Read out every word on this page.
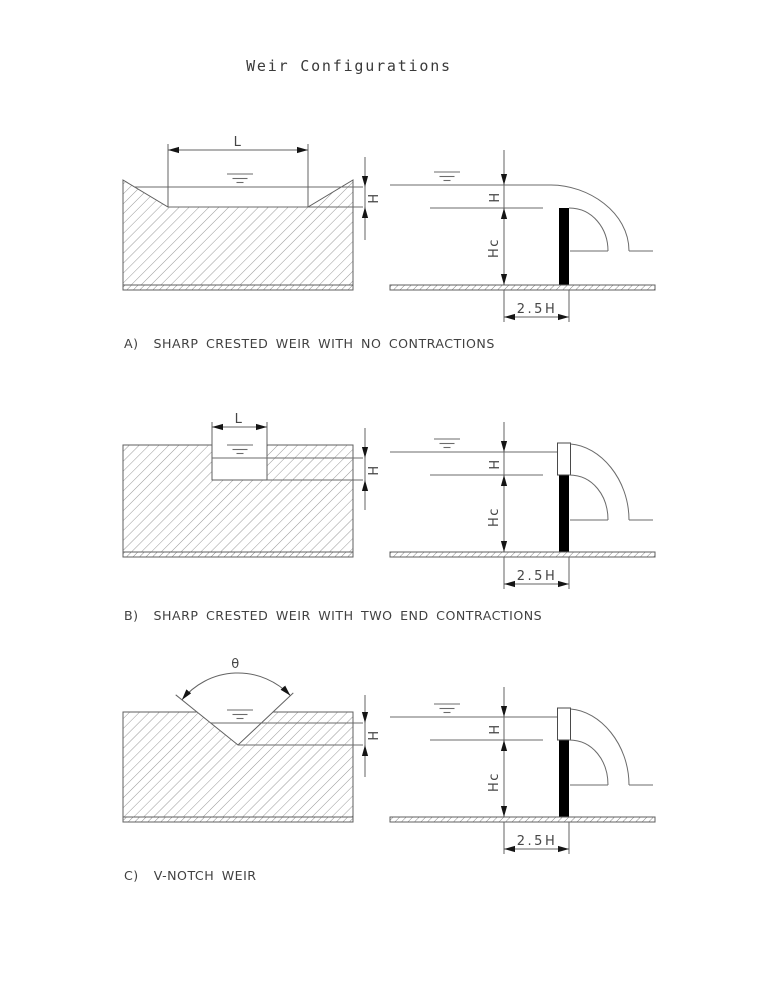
Weir Configurations
L
H	H
Hc
2.5H
A)  SHARP CRESTED WEIR WITH NO CONTRACTIONS
L
H
H
Hc
2.5H
B)  SHARP CRESTED WEIR WITH TWO END CONTRACTIONS
θ
H
H
Hc
2.5H
C)  V-NOTCH WEIR
